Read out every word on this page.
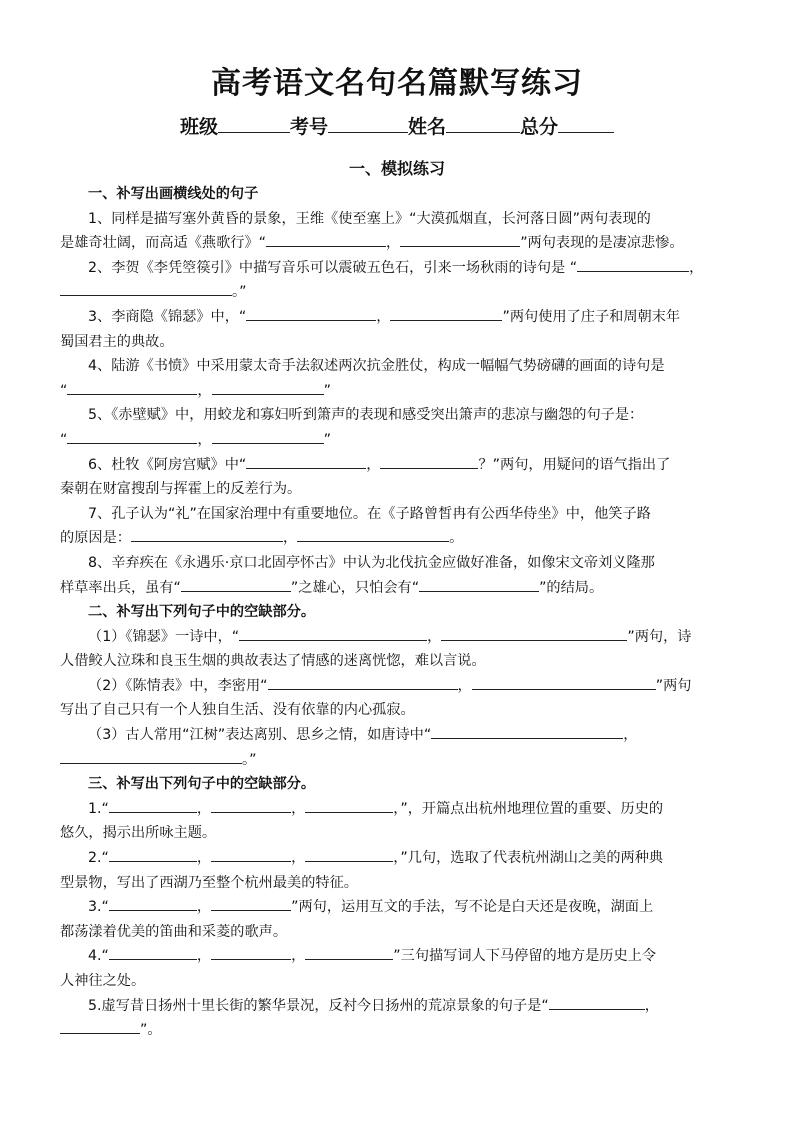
高考语文名句名篇默写练习
班级	考号	姓名	总分
一、模拟练习
一、补写出画横线处的句子
1、同样是描写塞外黄昏的景象，王维《使至塞上》“大漠孤烟直，长河落日圆”两句表现的
是雄奇壮阔，而高适《燕歌行》“	，	”两句表现的是凄凉悲惨。
2、李贺《李凭箜篌引》中描写音乐可以震破五色石，引来一场秋雨的诗句是 “	，
。”
3、李商隐《锦瑟》中，“	，	”两句使用了庄子和周朝末年
蜀国君主的典故。
4、陆游《书愤》中采用蒙太奇手法叙述两次抗金胜仗，构成一幅幅气势磅礴的画面的诗句是
“	，	”
5、《赤壁赋》中，用蛟龙和寡妇听到箫声的表现和感受突出箫声的悲凉与幽怨的句子是：
“	，	”
6、杜牧《阿房宫赋》中“	，	？”两句，用疑问的语气指出了
秦朝在财富搜刮与挥霍上的反差行为。
7、孔子认为“礼”在国家治理中有重要地位。在《子路曾皙冉有公西华侍坐》中，他笑子路
的原因是：	，	。
8、辛弃疾在《永遇乐·京口北固亭怀古》中认为北伐抗金应做好准备，如像宋文帝刘义隆那
样草率出兵，虽有“	”之雄心，只怕会有“	”的结局。
二、补写出下列句子中的空缺部分。
（1）《锦瑟》一诗中，“	，	”两句，诗
人借鲛人泣珠和良玉生烟的典故表达了情感的迷离恍惚，难以言说。
（2）《陈情表》中，李密用“	，	”两句
写出了自己只有一个人独自生活、没有依靠的内心孤寂。
（3）古人常用“江树”表达离别、思乡之情，如唐诗中“	，
。”
三、补写出下列句子中的空缺部分。
1.“	，	，	，”，开篇点出杭州地理位置的重要、历史的
悠久，揭示出所咏主题。
2.“	，	，	，”几句，选取了代表杭州湖山之美的两种典
型景物，写出了西湖乃至整个杭州最美的特征。
3.“	，	”两句，运用互文的手法，写不论是白天还是夜晚，湖面上
都荡漾着优美的笛曲和采菱的歌声。
4.“	，	，	”三句描写词人下马停留的地方是历史上令
人神往之处。
5.虚写昔日扬州十里长街的繁华景况，反衬今日扬州的荒凉景象的句子是“	，
”。
